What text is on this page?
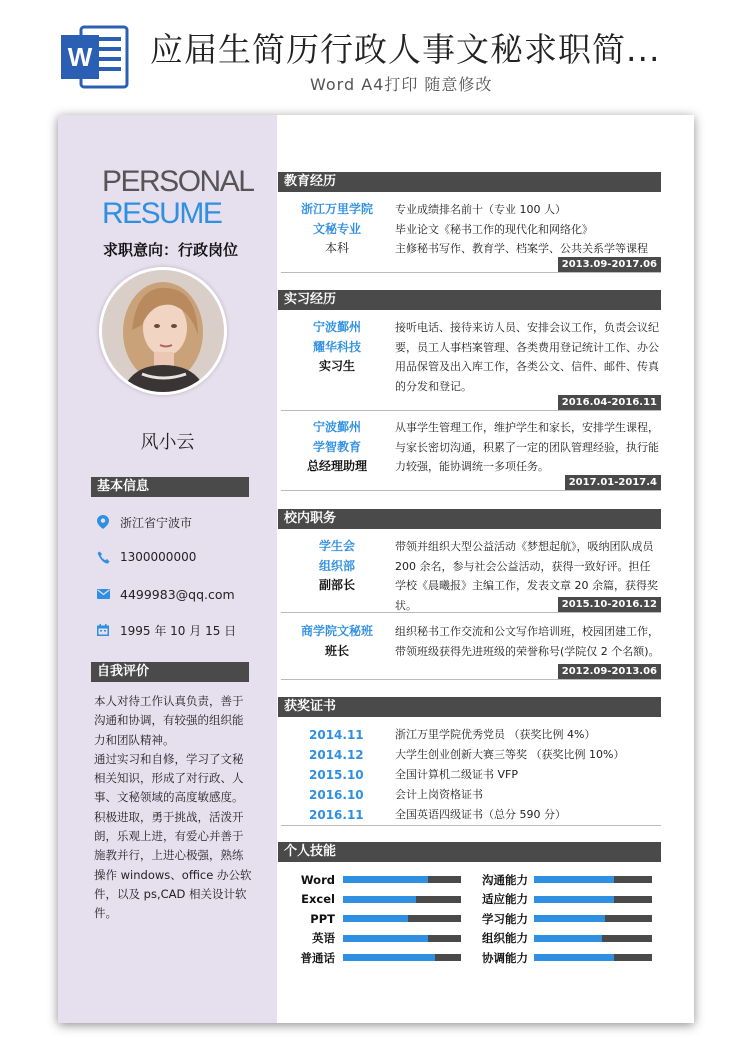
W 应届生简历行政人事文秘求职简...
Word A4打印 随意修改
PERSONAL
RESUME
求职意向：行政岗位
风小云
基本信息
浙江省宁波市
1300000000
4499983@qq.com
1995 年 10 月 15 日
自我评价

本人对待工作认真负责，善于沟通和协调，有较强的组织能力和团队精神。

通过实习和自修，学习了文秘相关知识，形成了对行政、人事、文秘领域的高度敏感度。积极进取，勇于挑战，活泼开朗，乐观上进，有爱心并善于施教并行，上进心极强，熟练操作 windows、office 办公软件，以及 ps,CAD 相关设计软件。

教育经历
浙江万里学院
文秘专业
本科
专业成绩排名前十（专业 100 人）
毕业论文《秘书工作的现代化和网络化》
主修秘书写作、教育学、档案学、公共关系学等课程
2013.09-2017.06
实习经历
宁波鄞州
耀华科技
实习生
接听电话、接待来访人员、安排会议工作，负责会议纪要，员工人事档案管理、各类费用登记统计工作、办公用品保管及出入库工作，各类公文、信件、邮件、传真的分发和登记。
2016.04-2016.11
宁波鄞州
学智教育
总经理助理
从事学生管理工作，维护学生和家长，安排学生课程，与家长密切沟通，积累了一定的团队管理经验，执行能力较强，能协调统一多项任务。
2017.01-2017.4
校内职务
学生会
组织部
副部长
带领并组织大型公益活动《梦想起航》，吸纳团队成员 200 余名，参与社会公益活动，获得一致好评。担任学校《晨曦报》主编工作，发表文章 20 余篇，获得奖状。	2015.10-2016.12
商学院文秘班
班长
组织秘书工作交流和公文写作培训班，校园团建工作，带领班级获得先进班级的荣誉称号(学院仅 2 个名额)。
2012.09-2013.06
获奖证书
2014.11	浙江万里学院优秀党员 （获奖比例 4%）
2014.12	大学生创业创新大赛三等奖 （获奖比例 10%）
2015.10	全国计算机二级证书 VFP
2016.10	会计上岗资格证书
2016.11	全国英语四级证书（总分 590 分）
个人技能
Word
Excel
PPT
英语
普通话
沟通能力
适应能力
学习能力
组织能力
协调能力
